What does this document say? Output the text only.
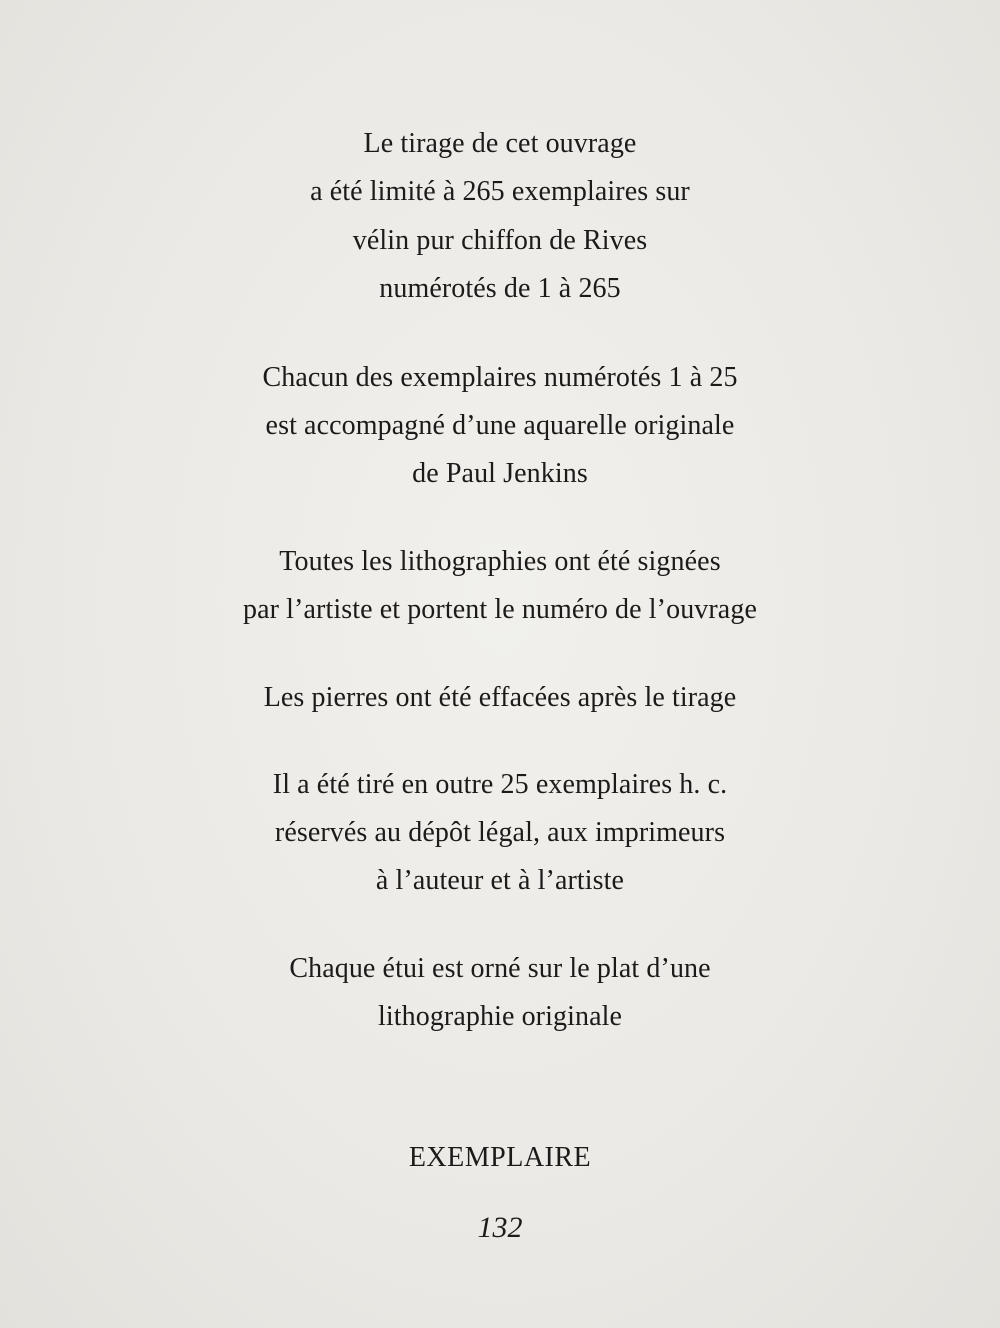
Le tirage de cet ouvrage
a été limité à 265 exemplaires sur
vélin pur chiffon de Rives
numérotés de 1 à 265
Chacun des exemplaires numérotés 1 à 25
est accompagné d’une aquarelle originale
de Paul Jenkins
Toutes les lithographies ont été signées
par l’artiste et portent le numéro de l’ouvrage
Les pierres ont été effacées après le tirage
Il a été tiré en outre 25 exemplaires h. c.
réservés au dépôt légal, aux imprimeurs
à l’auteur et à l’artiste
Chaque étui est orné sur le plat d’une
lithographie originale
EXEMPLAIRE
132
